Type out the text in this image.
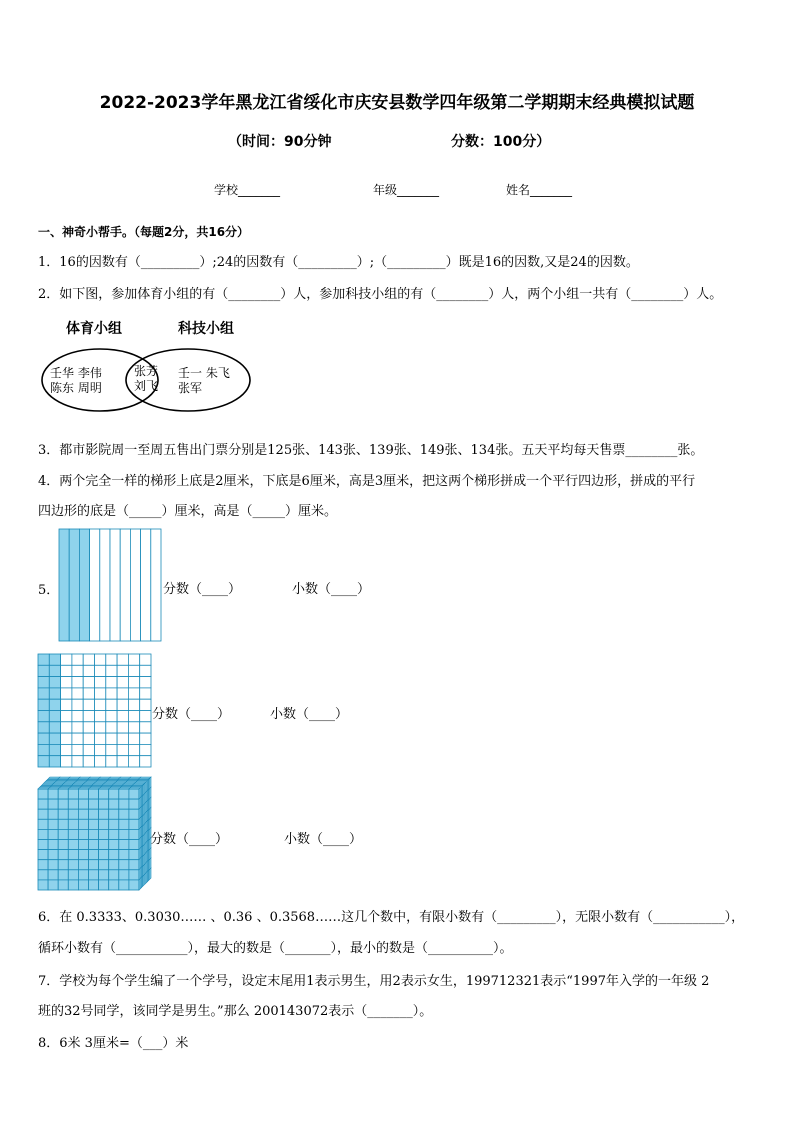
2022-2023学年黑龙江省绥化市庆安县数学四年级第二学期期末经典模拟试题
（时间：90分钟	分数：100分）
学校_______	年级_______	姓名_______
一、神奇小帮手。（每题2分，共16分）
1．16的因数有（_________）;24的因数有（_________）;（_________）既是16的因数,又是24的因数。
2．如下图，参加体育小组的有（________）人，参加科技小组的有（________）人，两个小组一共有（________）人。
体育小组	科技小组
壬华 李伟
陈东 周明
张芳
刘飞
壬一 朱飞
张军
3．都市影院周一至周五售出门票分别是125张、143张、139张、149张、134张。五天平均每天售票________张。
4．两个完全一样的梯形上底是2厘米，下底是6厘米，高是3厘米，把这两个梯形拼成一个平行四边形，拼成的平行
四边形的底是（_____）厘米，高是（_____）厘米。
5．	分数（____）	小数（____）
分数（____）	小数（____）
分数（____）	小数（____）
6．在 0.3333、0.3030…… 、0.36 、0.3568……这几个数中，有限小数有（_________），无限小数有（___________），
循环小数有（___________），最大的数是（_______），最小的数是（__________）。
7．学校为每个学生编了一个学号，设定末尾用1表示男生，用2表示女生，199712321表示“1997年入学的一年级 2
班的32号同学，该同学是男生。”那么 200143072表示（_______）。
8．6米 3厘米=（___）米
